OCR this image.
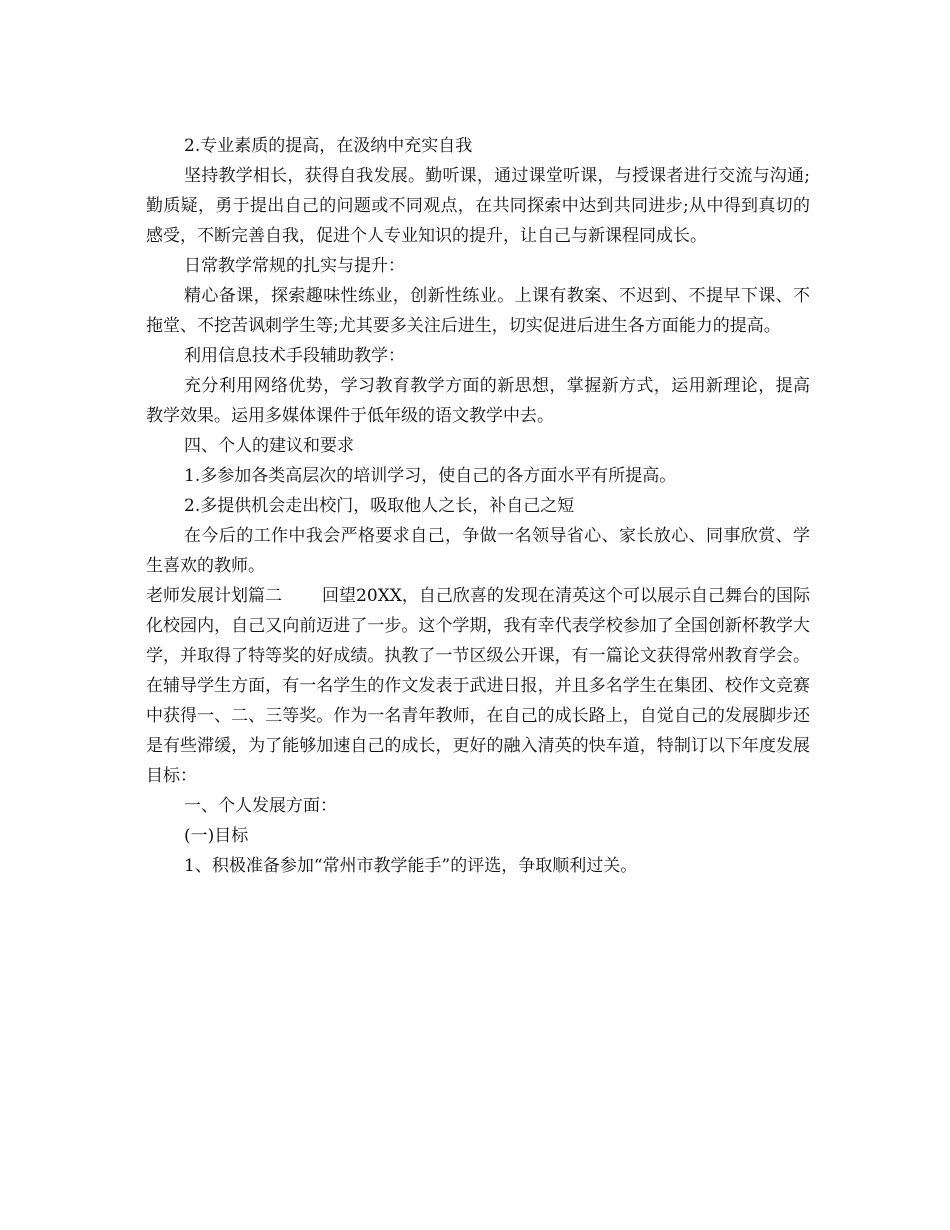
2.专业素质的提高，在汲纳中充实自我

坚持教学相长，获得自我发展。勤听课，通过课堂听课，与授课者进行交流与沟通;勤质疑，勇于提出自己的问题或不同观点，在共同探索中达到共同进步;从中得到真切的感受，不断完善自我，促进个人专业知识的提升，让自己与新课程同成长。

日常教学常规的扎实与提升：

精心备课，探索趣味性练业，创新性练业。上课有教案、不迟到、不提早下课、不拖堂、不挖苦讽刺学生等;尤其要多关注后进生，切实促进后进生各方面能力的提高。

利用信息技术手段辅助教学：

充分利用网络优势，学习教育教学方面的新思想，掌握新方式，运用新理论，提高教学效果。运用多媒体课件于低年级的语文教学中去。

四、个人的建议和要求

1.多参加各类高层次的培训学习，使自己的各方面水平有所提高。

2.多提供机会走出校门，吸取他人之长，补自己之短

在今后的工作中我会严格要求自己，争做一名领导省心、家长放心、同事欣赏、学生喜欢的教师。

老师发展计划篇二 回望20XX，自己欣喜的发现在清英这个可以展示自己舞台的国际化校园内，自己又向前迈进了一步。这个学期，我有幸代表学校参加了全国创新杯教学大学，并取得了特等奖的好成绩。执教了一节区级公开课，有一篇论文获得常州教育学会。在辅导学生方面，有一名学生的作文发表于武进日报，并且多名学生在集团、校作文竞赛中获得一、二、三等奖。作为一名青年教师，在自己的成长路上，自觉自己的发展脚步还是有些滞缓，为了能够加速自己的成长，更好的融入清英的快车道，特制订以下年度发展目标：

一、个人发展方面：

(一)目标

1、积极准备参加“常州市教学能手”的评选，争取顺利过关。
